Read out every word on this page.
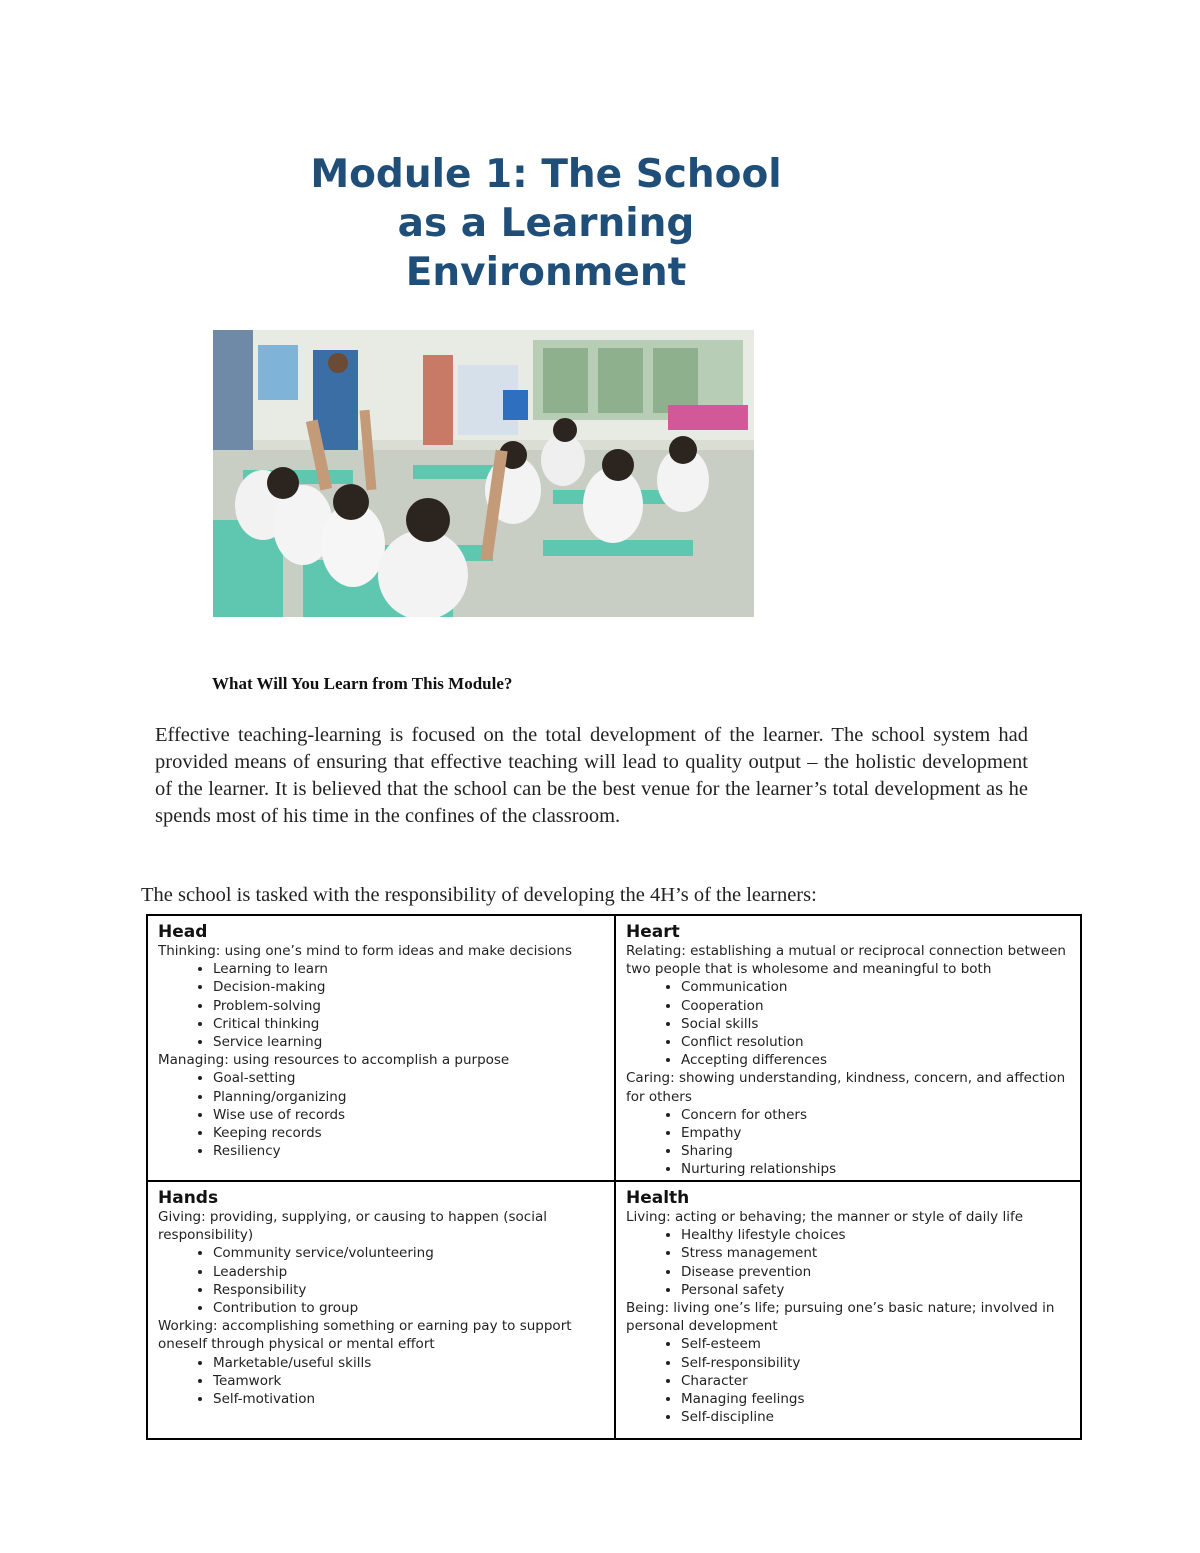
Module 1: The School
as a Learning
Environment
What Will You Learn from This Module?
Effective teaching-learning is focused on the total development of the learner. The school system had provided means of ensuring that effective teaching will lead to quality output – the holistic development of the learner. It is believed that the school can be the best venue for the learner’s total development as he spends most of his time in the confines of the classroom.
The school is tasked with the responsibility of developing the 4H’s of the learners:
Head

Thinking: using one’s mind to form ideas and make decisions

• Learning to learn
• Decision-making
• Problem-solving
• Critical thinking
• Service learning

Managing: using resources to accomplish a purpose

• Goal-setting
• Planning/organizing
• Wise use of records
• Keeping records
• Resiliency
Heart

Relating: establishing a mutual or reciprocal connection between two people that is wholesome and meaningful to both

• Communication
• Cooperation
• Social skills
• Conflict resolution
• Accepting differences

Caring: showing understanding, kindness, concern, and affection for others

• Concern for others
• Empathy
• Sharing
• Nurturing relationships
Hands

Giving: providing, supplying, or causing to happen (social responsibility)

• Community service/volunteering
• Leadership
• Responsibility
• Contribution to group

Working: accomplishing something or earning pay to support oneself through physical or mental effort

• Marketable/useful skills
• Teamwork
• Self-motivation
Health

Living: acting or behaving; the manner or style of daily life

• Healthy lifestyle choices
• Stress management
• Disease prevention
• Personal safety

Being: living one’s life; pursuing one’s basic nature; involved in personal development

• Self-esteem
• Self-responsibility
• Character
• Managing feelings
• Self-discipline
